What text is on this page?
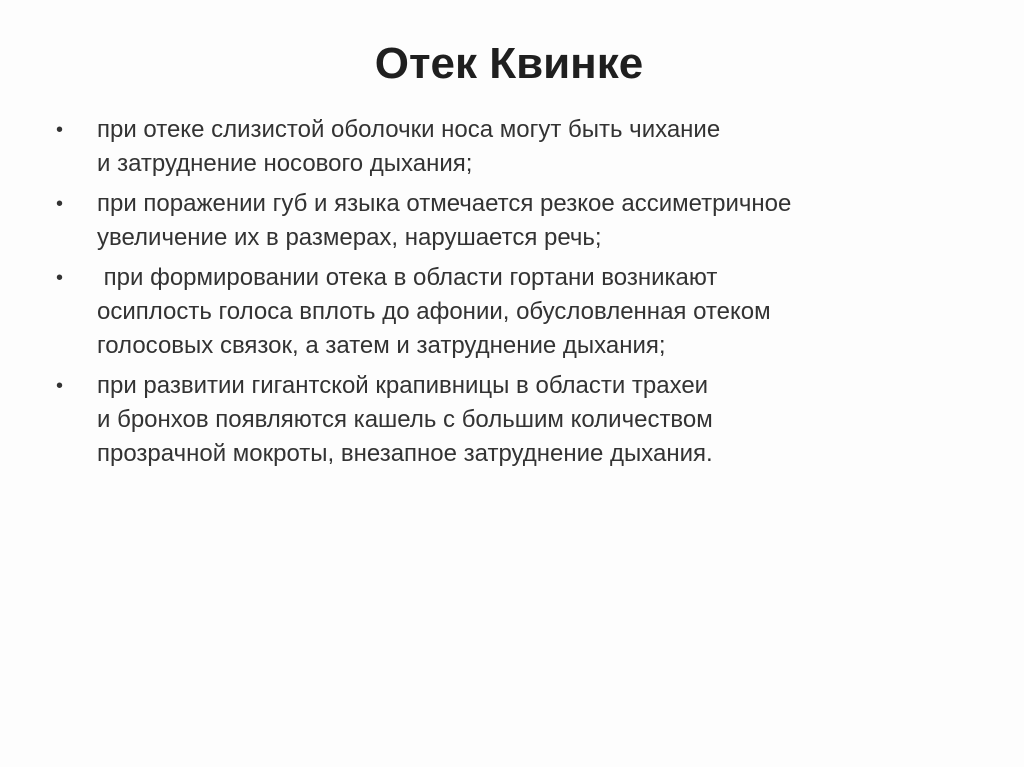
Отек Квинке
• при отеке слизистой оболочки носа могут быть чихание
и затруднение носового дыхания;
• при поражении губ и языка отмечается резкое ассиметричное
увеличение их в размерах, нарушается речь;
• при формировании отека в области гортани возникают
осиплость голоса вплоть до афонии, обусловленная отеком
голосовых связок, а затем и затруднение дыхания;
• при развитии гигантской крапивницы в области трахеи
и бронхов появляются кашель с большим количеством
прозрачной мокроты, внезапное затруднение дыхания.
